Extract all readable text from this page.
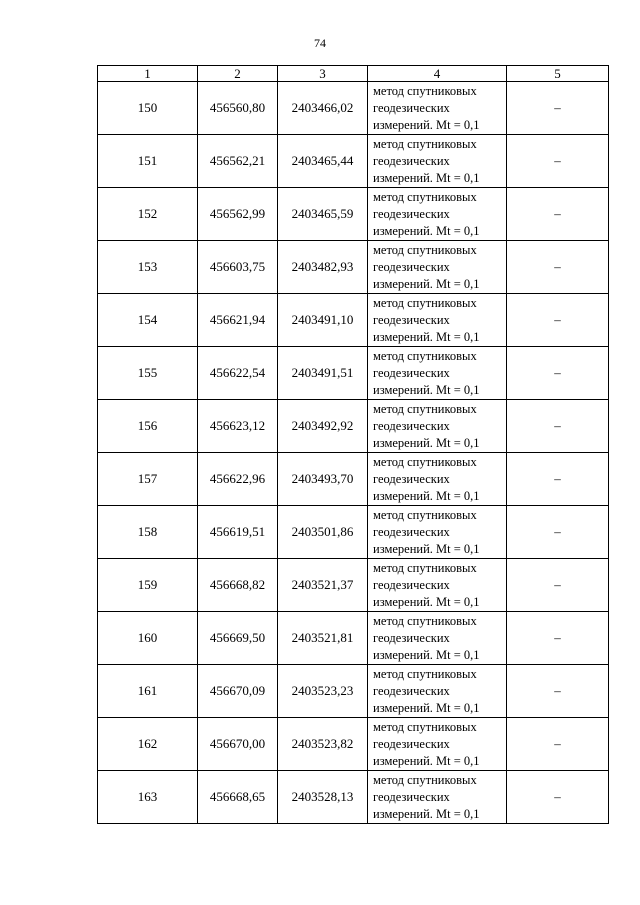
74
1	2	3	4	5
150	456560,80	2403466,02	метод спутниковых
геодезических
измерений. Mt = 0,1	–
151	456562,21	2403465,44	метод спутниковых
геодезических
измерений. Mt = 0,1	–
152	456562,99	2403465,59	метод спутниковых
геодезических
измерений. Mt = 0,1	–
153	456603,75	2403482,93	метод спутниковых
геодезических
измерений. Mt = 0,1	–
154	456621,94	2403491,10	метод спутниковых
геодезических
измерений. Mt = 0,1	–
155	456622,54	2403491,51	метод спутниковых
геодезических
измерений. Mt = 0,1	–
156	456623,12	2403492,92	метод спутниковых
геодезических
измерений. Mt = 0,1	–
157	456622,96	2403493,70	метод спутниковых
геодезических
измерений. Mt = 0,1	–
158	456619,51	2403501,86	метод спутниковых
геодезических
измерений. Mt = 0,1	–
159	456668,82	2403521,37	метод спутниковых
геодезических
измерений. Mt = 0,1	–
160	456669,50	2403521,81	метод спутниковых
геодезических
измерений. Mt = 0,1	–
161	456670,09	2403523,23	метод спутниковых
геодезических
измерений. Mt = 0,1	–
162	456670,00	2403523,82	метод спутниковых
геодезических
измерений. Mt = 0,1	–
163	456668,65	2403528,13	метод спутниковых
геодезических
измерений. Mt = 0,1	–
